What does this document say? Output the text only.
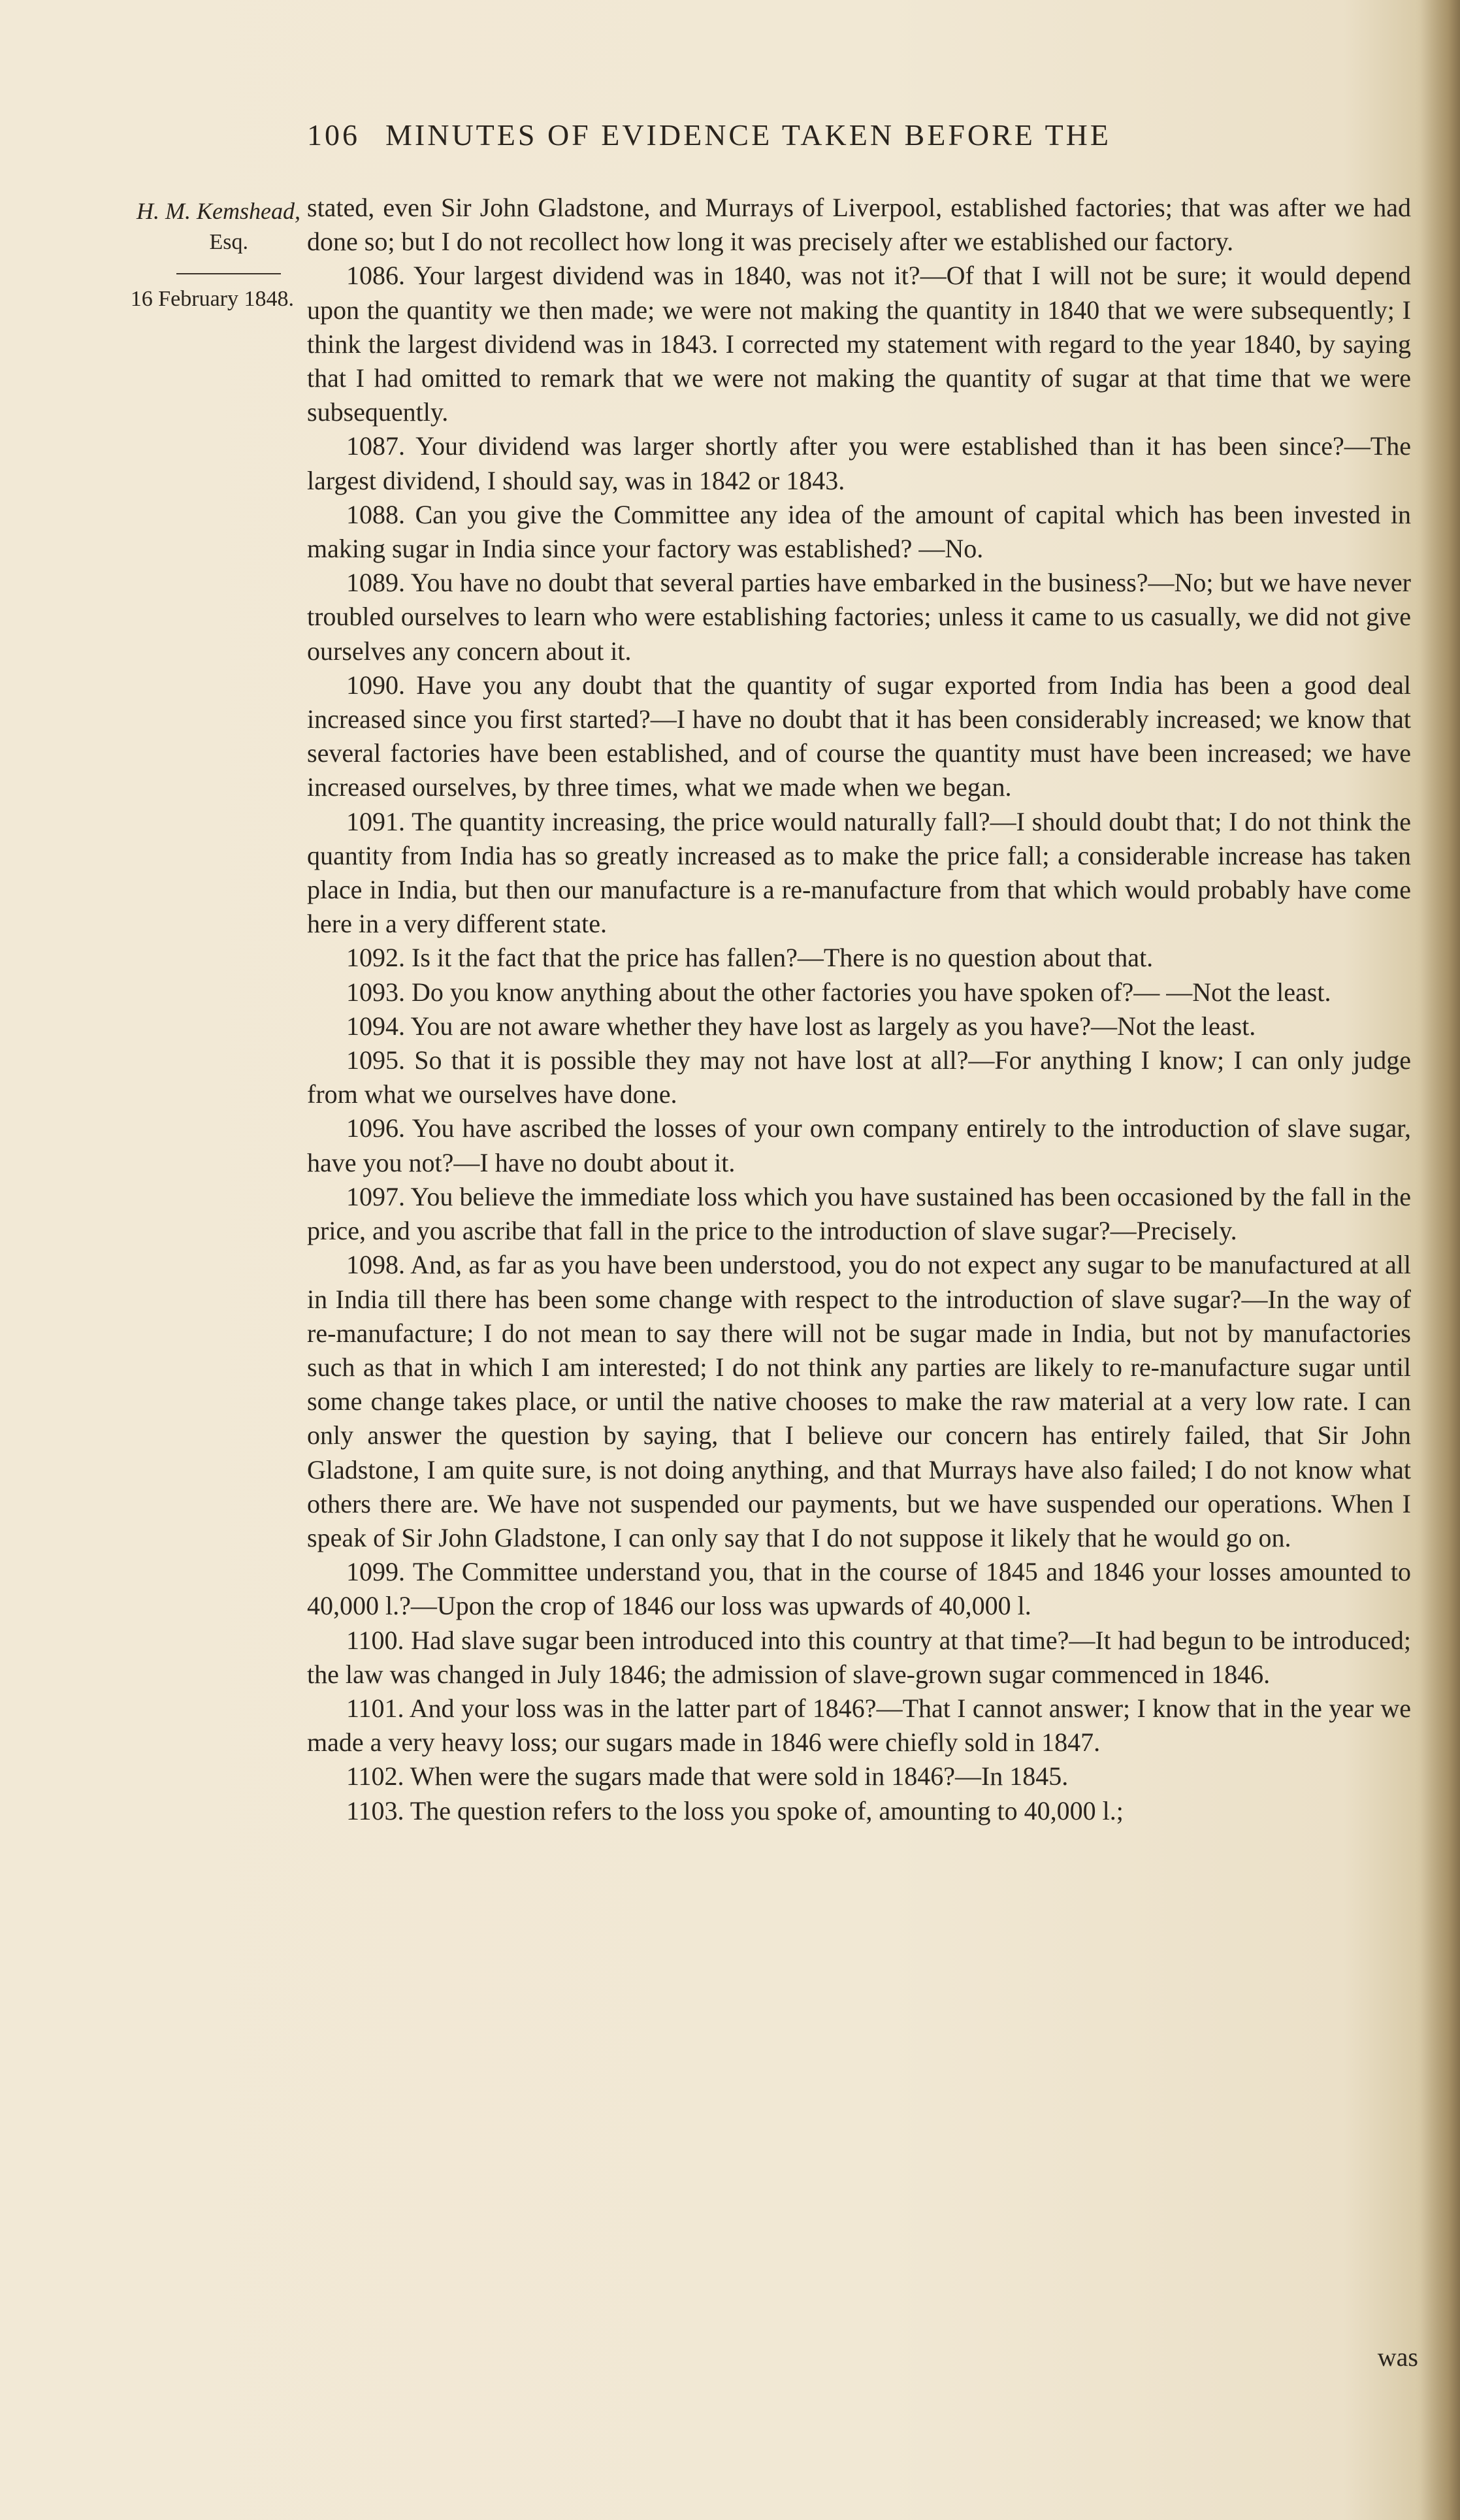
106 MINUTES OF EVIDENCE TAKEN BEFORE THE
H. M. Kemshead,
Esq.
16 February 1848.

stated, even Sir John Gladstone, and Murrays of Liverpool, established factories; that was after we had done so; but I do not recollect how long it was precisely after we established our factory.

1086. Your largest dividend was in 1840, was not it?—Of that I will not be sure; it would depend upon the quantity we then made; we were not making the quantity in 1840 that we were subsequently; I think the largest dividend was in 1843. I corrected my statement with regard to the year 1840, by saying that I had omitted to remark that we were not making the quantity of sugar at that time that we were subsequently.

1087. Your dividend was larger shortly after you were established than it has been since?—The largest dividend, I should say, was in 1842 or 1843.

1088. Can you give the Committee any idea of the amount of capital which has been invested in making sugar in India since your factory was established? —No.

1089. You have no doubt that several parties have embarked in the business?—No; but we have never troubled ourselves to learn who were establishing factories; unless it came to us casually, we did not give ourselves any concern about it.

1090. Have you any doubt that the quantity of sugar exported from India has been a good deal increased since you first started?—I have no doubt that it has been considerably increased; we know that several factories have been established, and of course the quantity must have been increased; we have increased ourselves, by three times, what we made when we began.

1091. The quantity increasing, the price would naturally fall?—I should doubt that; I do not think the quantity from India has so greatly increased as to make the price fall; a considerable increase has taken place in India, but then our manufacture is a re-manufacture from that which would probably have come here in a very different state.

1092. Is it the fact that the price has fallen?—There is no question about that.

1093. Do you know anything about the other factories you have spoken of?— —Not the least.

1094. You are not aware whether they have lost as largely as you have?—Not the least.

1095. So that it is possible they may not have lost at all?—For anything I know; I can only judge from what we ourselves have done.

1096. You have ascribed the losses of your own company entirely to the introduction of slave sugar, have you not?—I have no doubt about it.

1097. You believe the immediate loss which you have sustained has been occasioned by the fall in the price, and you ascribe that fall in the price to the introduction of slave sugar?—Precisely.

1098. And, as far as you have been understood, you do not expect any sugar to be manufactured at all in India till there has been some change with respect to the introduction of slave sugar?—In the way of re-manufacture; I do not mean to say there will not be sugar made in India, but not by manufactories such as that in which I am interested; I do not think any parties are likely to re-manufacture sugar until some change takes place, or until the native chooses to make the raw material at a very low rate. I can only answer the question by saying, that I believe our concern has entirely failed, that Sir John Gladstone, I am quite sure, is not doing anything, and that Murrays have also failed; I do not know what others there are. We have not suspended our payments, but we have suspended our operations. When I speak of Sir John Gladstone, I can only say that I do not suppose it likely that he would go on.

1099. The Committee understand you, that in the course of 1845 and 1846 your losses amounted to 40,000 l.?—Upon the crop of 1846 our loss was upwards of 40,000 l.

1100. Had slave sugar been introduced into this country at that time?—It had begun to be introduced; the law was changed in July 1846; the admission of slave-grown sugar commenced in 1846.

1101. And your loss was in the latter part of 1846?—That I cannot answer; I know that in the year we made a very heavy loss; our sugars made in 1846 were chiefly sold in 1847.

1102. When were the sugars made that were sold in 1846?—In 1845.

1103. The question refers to the loss you spoke of, amounting to 40,000 l.;

was
